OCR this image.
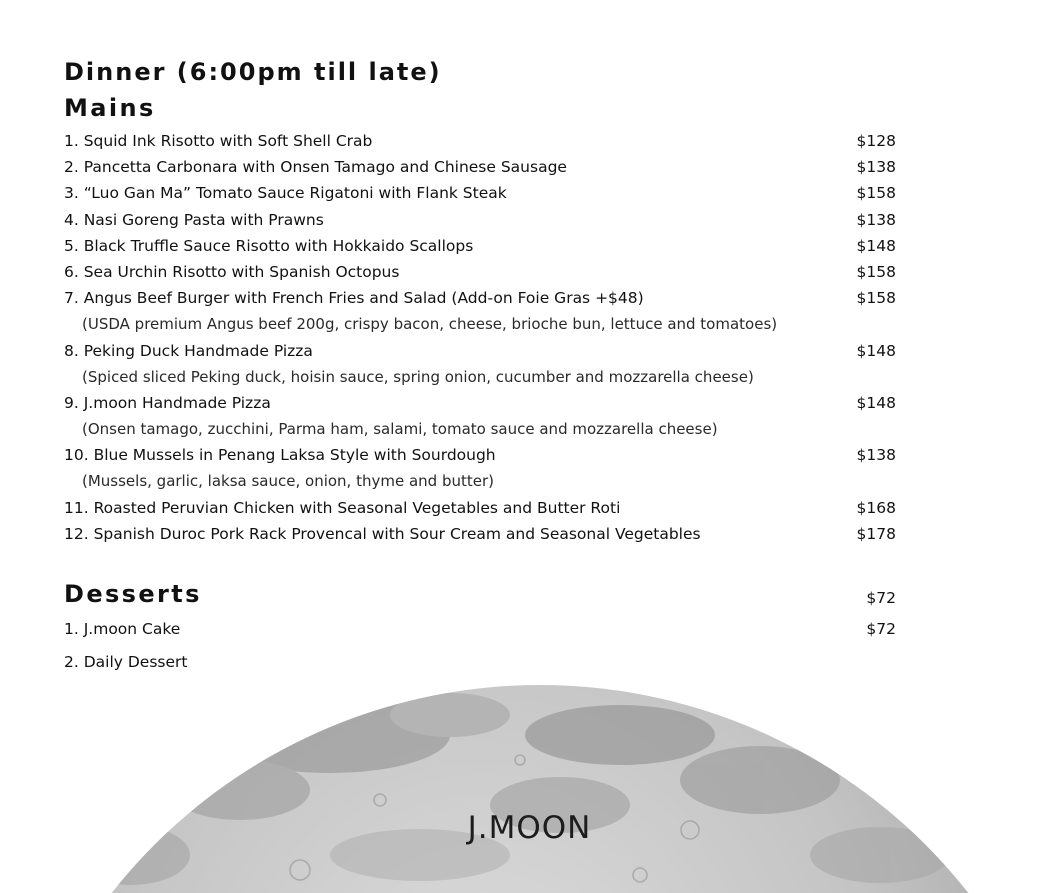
Dinner (6:00pm till late)
Mains
1. Squid Ink Risotto with Soft Shell Crab	$128
2. Pancetta Carbonara with Onsen Tamago and Chinese Sausage	$138
3. “Luo Gan Ma” Tomato Sauce Rigatoni with Flank Steak	$158
4. Nasi Goreng Pasta with Prawns	$138
5. Black Truffle Sauce Risotto with Hokkaido Scallops	$148
6. Sea Urchin Risotto with Spanish Octopus	$158
7. Angus Beef Burger with French Fries and Salad (Add-on Foie Gras +$48)	$158
(USDA premium Angus beef 200g, crispy bacon, cheese, brioche bun, lettuce and tomatoes)
8. Peking Duck Handmade Pizza	$148
(Spiced sliced Peking duck, hoisin sauce, spring onion, cucumber and mozzarella cheese)
9. J.moon Handmade Pizza	$148
(Onsen tamago, zucchini, Parma ham, salami, tomato sauce and mozzarella cheese)
10. Blue Mussels in Penang Laksa Style with Sourdough	$138
(Mussels, garlic, laksa sauce, onion, thyme and butter)
11. Roasted Peruvian Chicken with Seasonal Vegetables and Butter Roti	$168
12. Spanish Duroc Pork Rack Provencal with Sour Cream and Seasonal Vegetables	$178
Desserts	$72
1. J.moon Cake	$72
2. Daily Dessert
J.MOON
